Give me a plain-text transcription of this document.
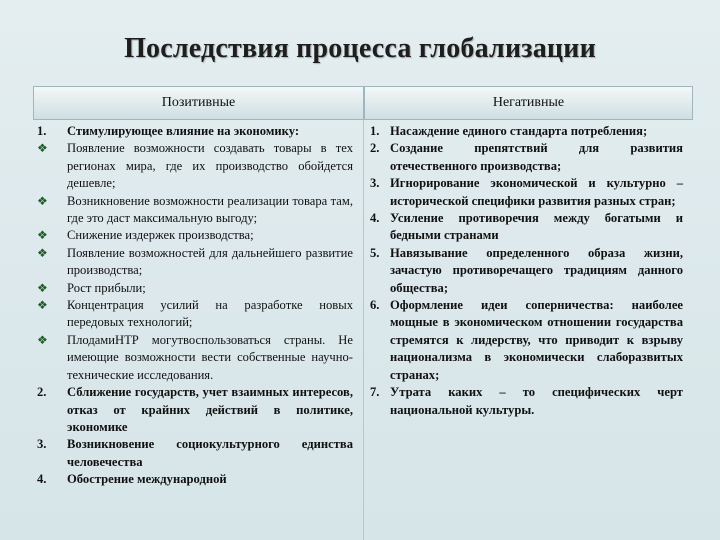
Последствия процесса глобализации
Позитивные	Негативные
1. Стимулирующее влияние на экономику:
❖ Появление возможности создавать товары в тех регионах мира, где их производство обойдется дешевле;
❖ Возникновение возможности реализации товара там, где это даст максимальную выгоду;
❖ Снижение издержек производства;
❖ Появление возможностей для дальнейшего развитие производства;
❖ Рост прибыли;
❖ Концентрация усилий на разработке новых передовых технологий;
❖ ПлодамиНТР могутвоспользоваться страны. Не имеющие возможности вести собственные научно-технические исследования.
2. Сближение государств, учет взаимных интересов, отказ от крайних действий в политике, экономике
3. Возникновение социокультурного единства человечества
4. Обострение международной
1. Насаждение единого стандарта потребления;
2. Создание препятствий для развития отечественного производства;
3. Игнорирование экономической и культурно – исторической специфики развития разных стран;
4. Усиление противоречия между богатыми и бедными странами
5. Навязывание определенного образа жизни, зачастую противоречащего традициям данного общества;
6. Оформление идеи соперничества: наиболее мощные в экономическом отношении государства стремятся к лидерству, что приводит к взрыву национализма в экономически слаборазвитых странах;
7. Утрата каких – то специфических черт национальной культуры.
